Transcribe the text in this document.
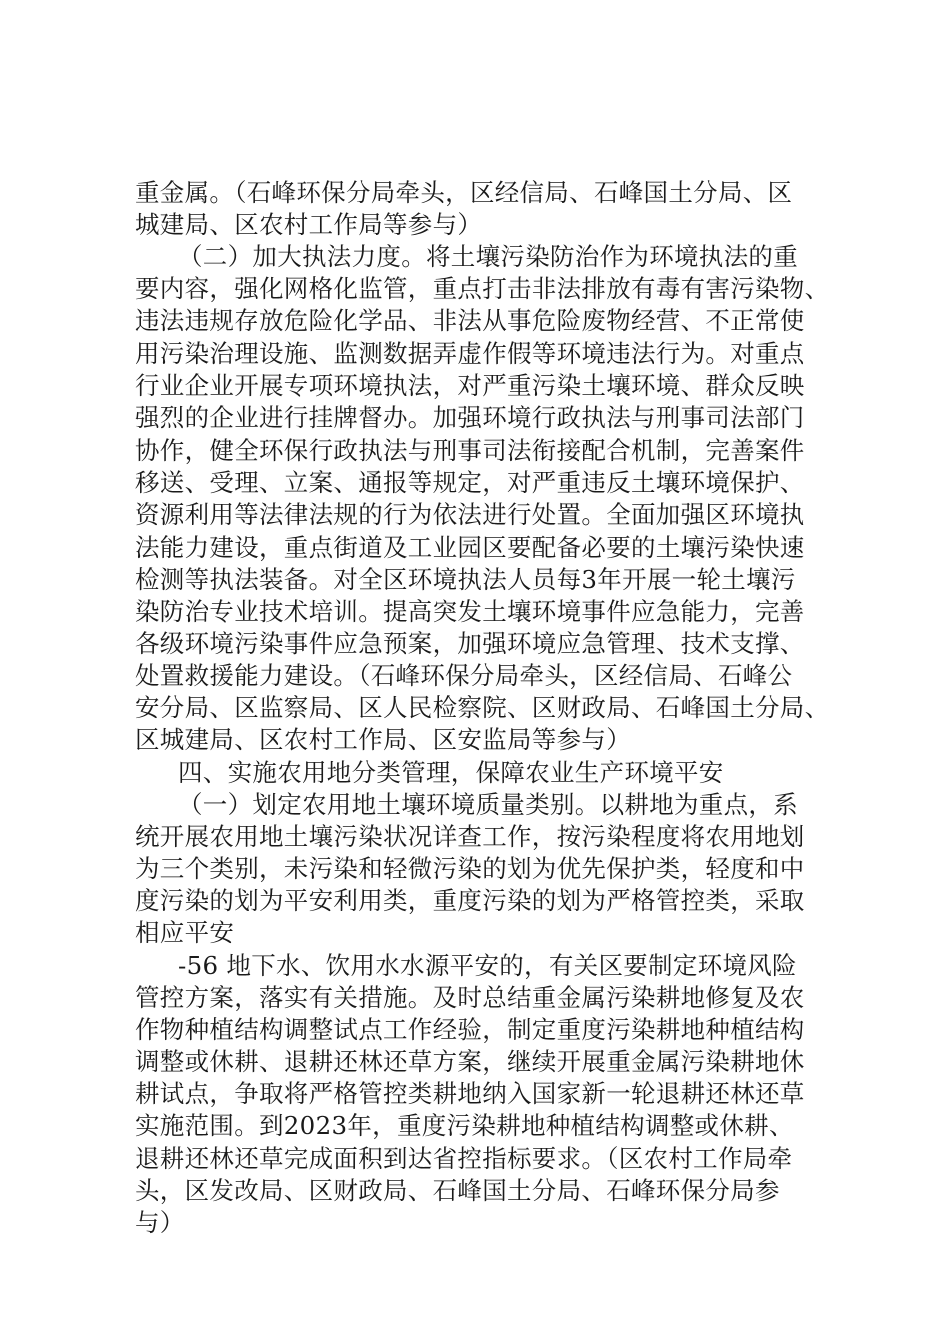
重金属。（石峰环保分局牵头，区经信局、石峰国土分局、区
城建局、区农村工作局等参与）
（二）加大执法力度。将土壤污染防治作为环境执法的重
要内容，强化网格化监管，重点打击非法排放有毒有害污染物、
违法违规存放危险化学品、非法从事危险废物经营、不正常使
用污染治理设施、监测数据弄虚作假等环境违法行为。对重点
行业企业开展专项环境执法，对严重污染土壤环境、群众反映
强烈的企业进行挂牌督办。加强环境行政执法与刑事司法部门
协作，健全环保行政执法与刑事司法衔接配合机制，完善案件
移送、受理、立案、通报等规定，对严重违反土壤环境保护、
资源利用等法律法规的行为依法进行处置。全面加强区环境执
法能力建设，重点街道及工业园区要配备必要的土壤污染快速
检测等执法装备。对全区环境执法人员每3年开展一轮土壤污
染防治专业技术培训。提高突发土壤环境事件应急能力，完善
各级环境污染事件应急预案，加强环境应急管理、技术支撑、
处置救援能力建设。（石峰环保分局牵头，区经信局、石峰公
安分局、区监察局、区人民检察院、区财政局、石峰国土分局、
区城建局、区农村工作局、区安监局等参与）
四、实施农用地分类管理，保障农业生产环境平安
（一）划定农用地土壤环境质量类别。以耕地为重点，系
统开展农用地土壤污染状况详查工作，按污染程度将农用地划
为三个类别，未污染和轻微污染的划为优先保护类，轻度和中
度污染的划为平安利用类，重度污染的划为严格管控类，采取
相应平安
-56 地下水、饮用水水源平安的，有关区要制定环境风险
管控方案，落实有关措施。及时总结重金属污染耕地修复及农
作物种植结构调整试点工作经验，制定重度污染耕地种植结构
调整或休耕、退耕还林还草方案，继续开展重金属污染耕地休
耕试点，争取将严格管控类耕地纳入国家新一轮退耕还林还草
实施范围。到2023年，重度污染耕地种植结构调整或休耕、
退耕还林还草完成面积到达省控指标要求。（区农村工作局牵
头，区发改局、区财政局、石峰国土分局、石峰环保分局参
与）
